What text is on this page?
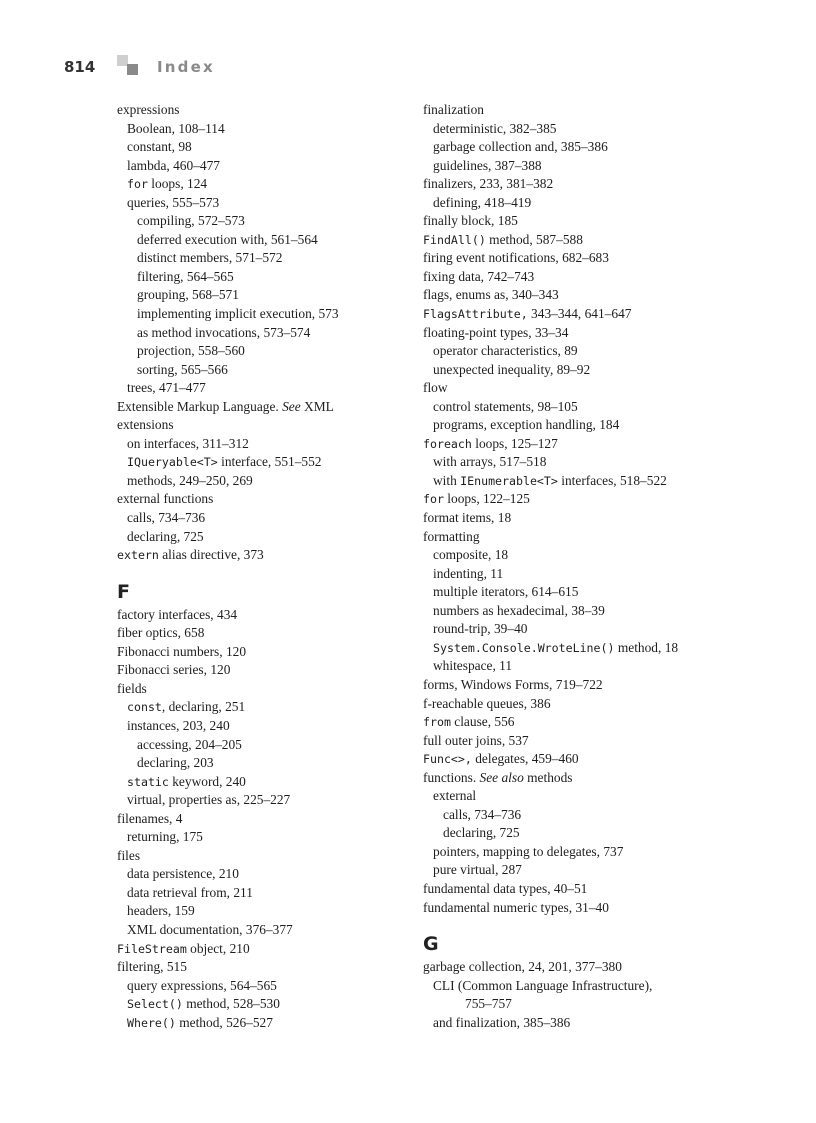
814	Index
expressions
Boolean, 108–114
constant, 98
lambda, 460–477
for loops, 124
queries, 555–573
compiling, 572–573
deferred execution with, 561–564
distinct members, 571–572
filtering, 564–565
grouping, 568–571
implementing implicit execution, 573
as method invocations, 573–574
projection, 558–560
sorting, 565–566
trees, 471–477
Extensible Markup Language. See XML
extensions
on interfaces, 311–312
IQueryable<T> interface, 551–552
methods, 249–250, 269
external functions
calls, 734–736
declaring, 725
extern alias directive, 373
F
factory interfaces, 434
fiber optics, 658
Fibonacci numbers, 120
Fibonacci series, 120
fields
const, declaring, 251
instances, 203, 240
accessing, 204–205
declaring, 203
static keyword, 240
virtual, properties as, 225–227
filenames, 4
returning, 175
files
data persistence, 210
data retrieval from, 211
headers, 159
XML documentation, 376–377
FileStream object, 210
filtering, 515
query expressions, 564–565
Select() method, 528–530
Where() method, 526–527
finalization
deterministic, 382–385
garbage collection and, 385–386
guidelines, 387–388
finalizers, 233, 381–382
defining, 418–419
finally block, 185
FindAll() method, 587–588
firing event notifications, 682–683
fixing data, 742–743
flags, enums as, 340–343
FlagsAttribute, 343–344, 641–647
floating-point types, 33–34
operator characteristics, 89
unexpected inequality, 89–92
flow
control statements, 98–105
programs, exception handling, 184
foreach loops, 125–127
with arrays, 517–518
with IEnumerable<T> interfaces, 518–522
for loops, 122–125
format items, 18
formatting
composite, 18
indenting, 11
multiple iterators, 614–615
numbers as hexadecimal, 38–39
round-trip, 39–40
System.Console.WroteLine() method, 18
whitespace, 11
forms, Windows Forms, 719–722
f-reachable queues, 386
from clause, 556
full outer joins, 537
Func<>, delegates, 459–460
functions. See also methods
external
calls, 734–736
declaring, 725
pointers, mapping to delegates, 737
pure virtual, 287
fundamental data types, 40–51
fundamental numeric types, 31–40
G
garbage collection, 24, 201, 377–380
CLI (Common Language Infrastructure),
755–757
and finalization, 385–386
